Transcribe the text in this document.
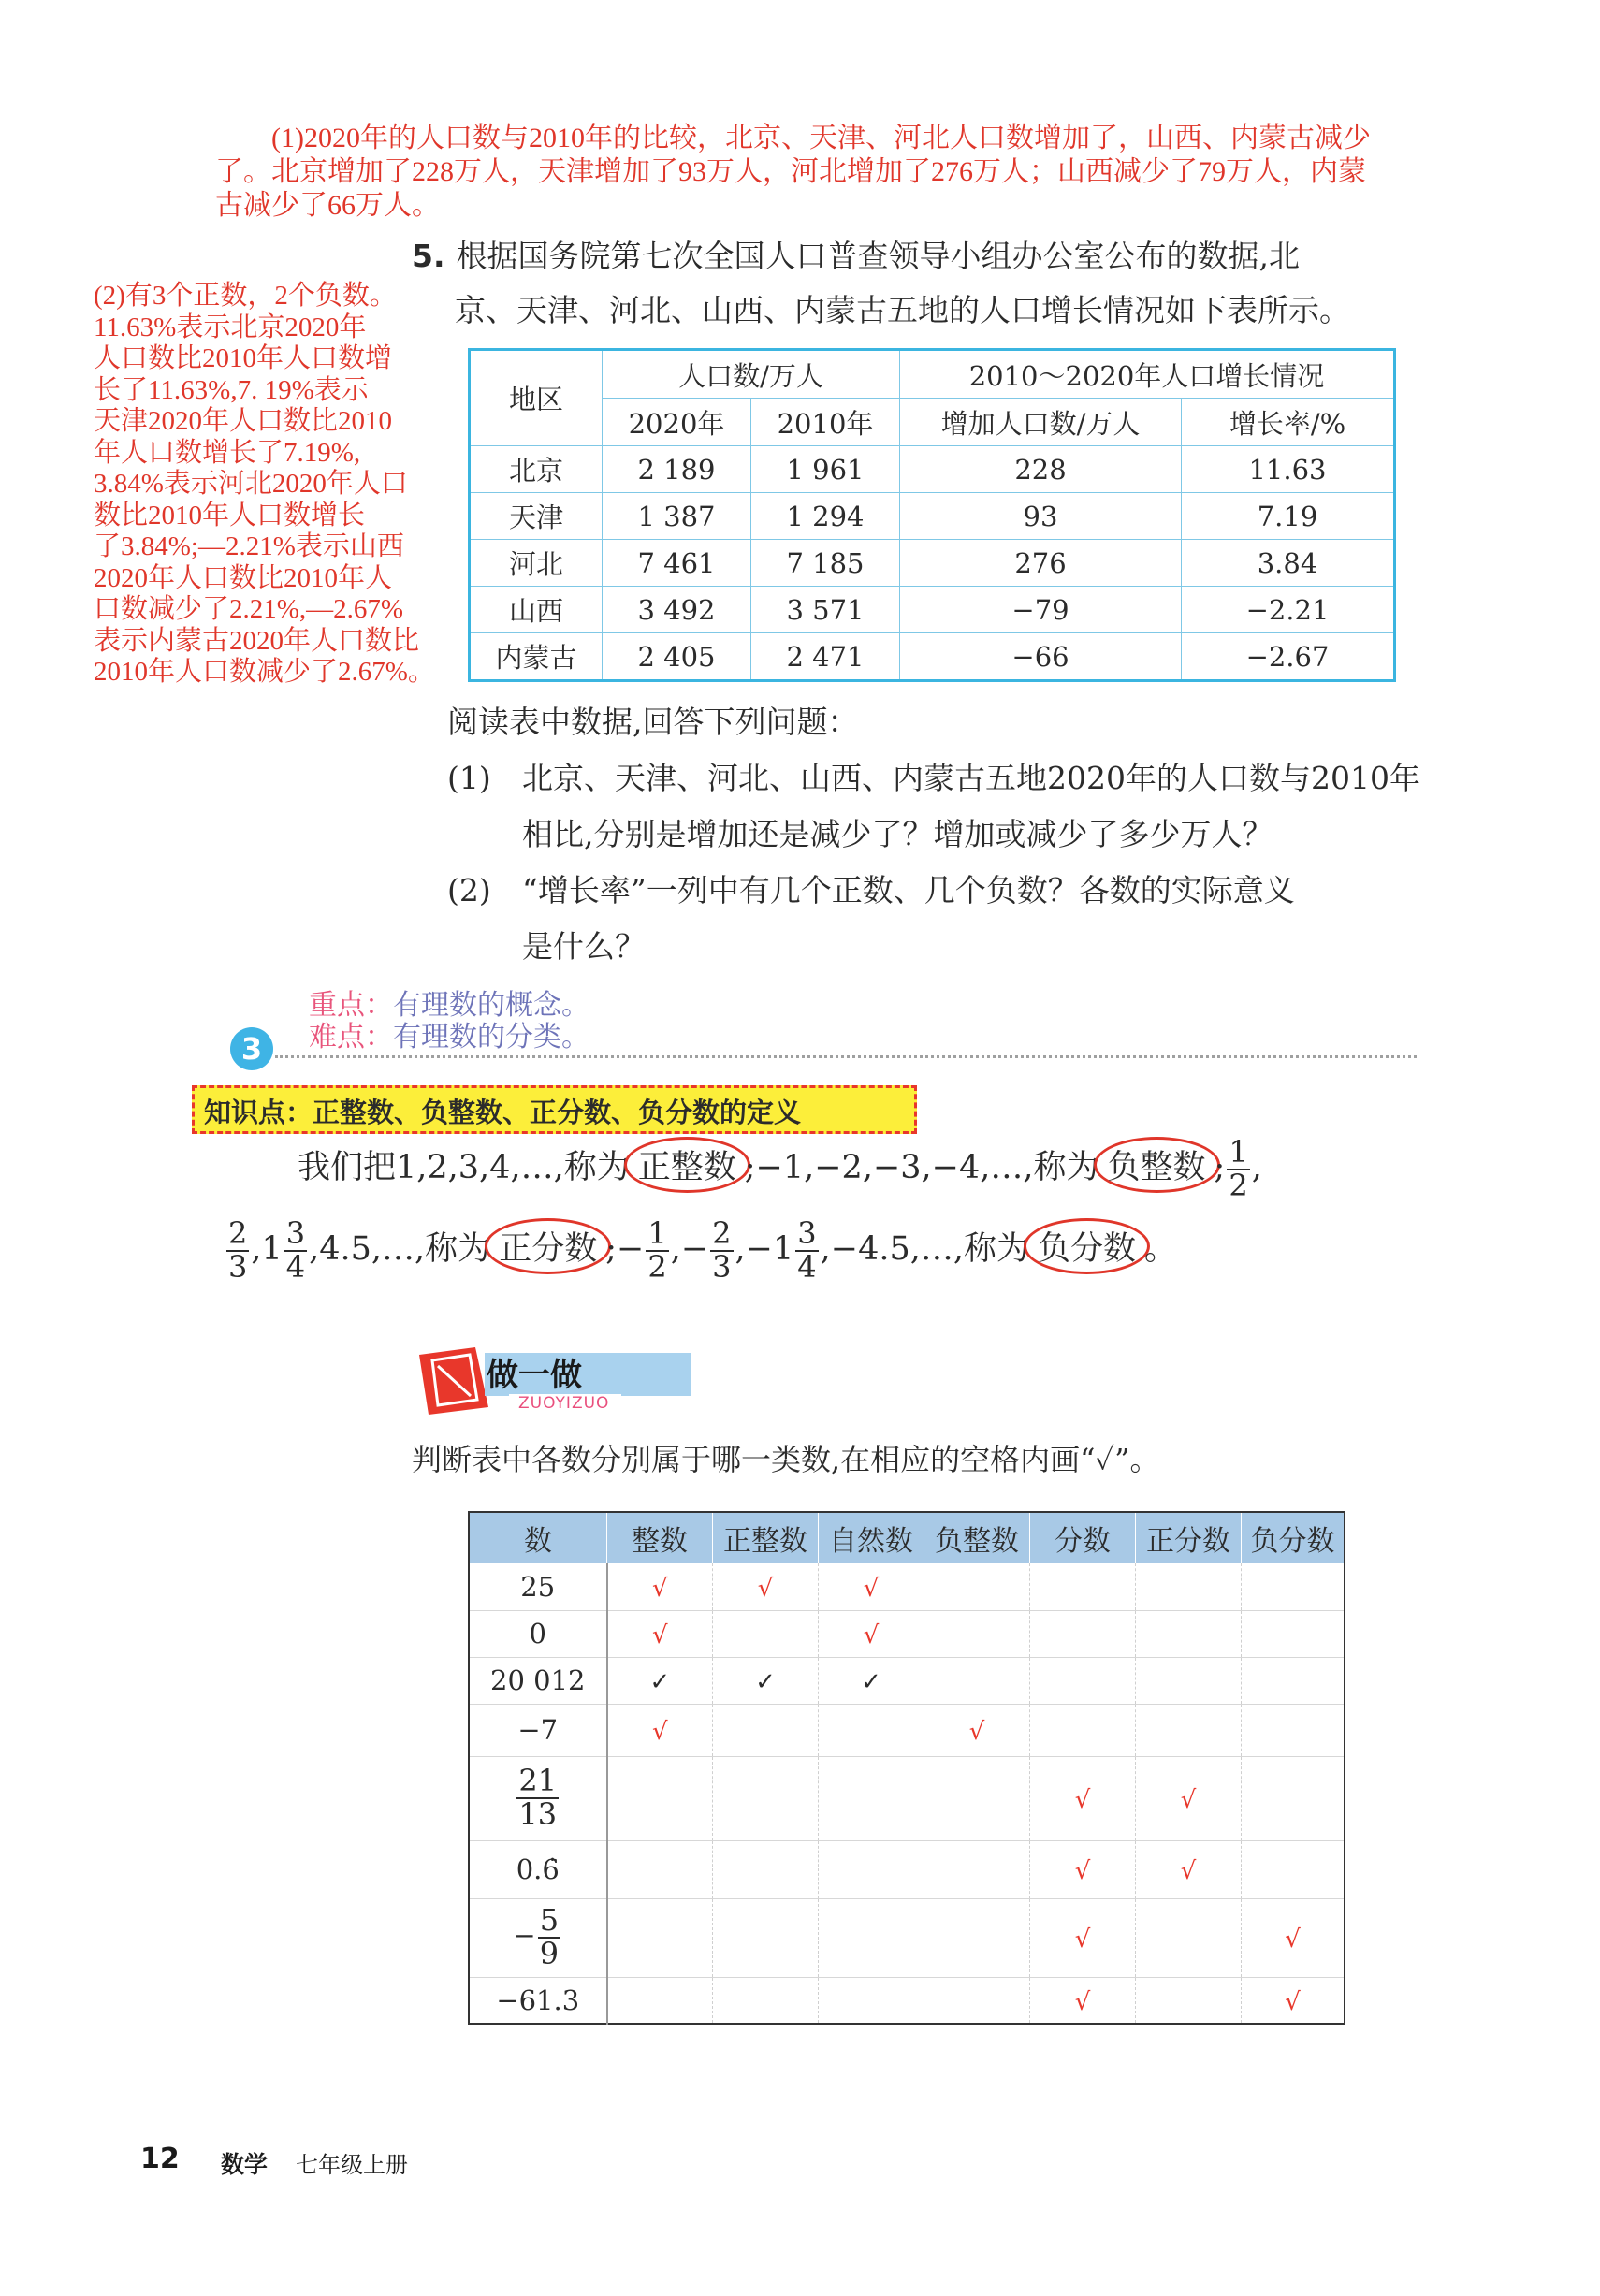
(1)2020年的人口数与2010年的比较，北京、天津、河北人口数增加了，山西、内蒙古减少
了。北京增加了228万人，天津增加了93万人，河北增加了276万人；山西减少了79万人，内蒙
古减少了66万人。
(2)有3个正数，2个负数。
11.63%表示北京2020年
人口数比2010年人口数增
长了11.63%,7. 19%表示
天津2020年人口数比2010
年人口数增长了7.19%,
3.84%表示河北2020年人口
数比2010年人口数增长
了3.84%;—2.21%表示山西
2020年人口数比2010年人
口数减少了2.21%,—2.67%
表示内蒙古2020年人口数比
2010年人口数减少了2.67%。
5. 根据国务院第七次全国人口普查领导小组办公室公布的数据,北
京、天津、河北、山西、内蒙古五地的人口增长情况如下表所示。
地区	人口数/万人		2010～2020年人口增长情况	
	2020年	2010年	增加人口数/万人	增长率/%
北京	2 189	1 961	228	11.63
天津	1 387	1 294	93	7.19
河北	7 461	7 185	276	3.84
山西	3 492	3 571	−79	−2.21
内蒙古	2 405	2 471	−66	−2.67
阅读表中数据,回答下列问题：
(1)	北京、天津、河北、山西、内蒙古五地2020年的人口数与2010年
相比,分别是增加还是减少了？增加或减少了多少万人？
(2)	“增长率”一列中有几个正数、几个负数？各数的实际意义
是什么？
重点：有理数的概念。
难点：有理数的分类。
3
知识点：正整数、负整数、正分数、负分数的定义
我们把1,2,3,4,…,称为 正整数 ;−1,−2,−3,−4,…,称为 负整数 ; $\frac{1}{2}$ ,
$\frac{2}{3} ,1 \frac{3}{4}$ ,4.5,…,称为 正分数 ;− $\frac{1}{2}$ ,− $\frac{2}{3} ,-1 \frac{3}{4}$ ,−4.5,…,称为 负分数 。
做一做
ZUOYIZUO
判断表中各数分别属于哪一类数,在相应的空格内画“✓”。
数	整数	正整数	自然数	负整数	分数	正分数	负分数
25	√	√	√				
0	√		√				
20 012	✓	✓	✓				
−7	√			√			

$\frac{21}{13}$					√	√	
0.6̇					√	√	
− $\frac{5}{9}$					√		√
−61.3					√		√
12 数学 七年级上册
